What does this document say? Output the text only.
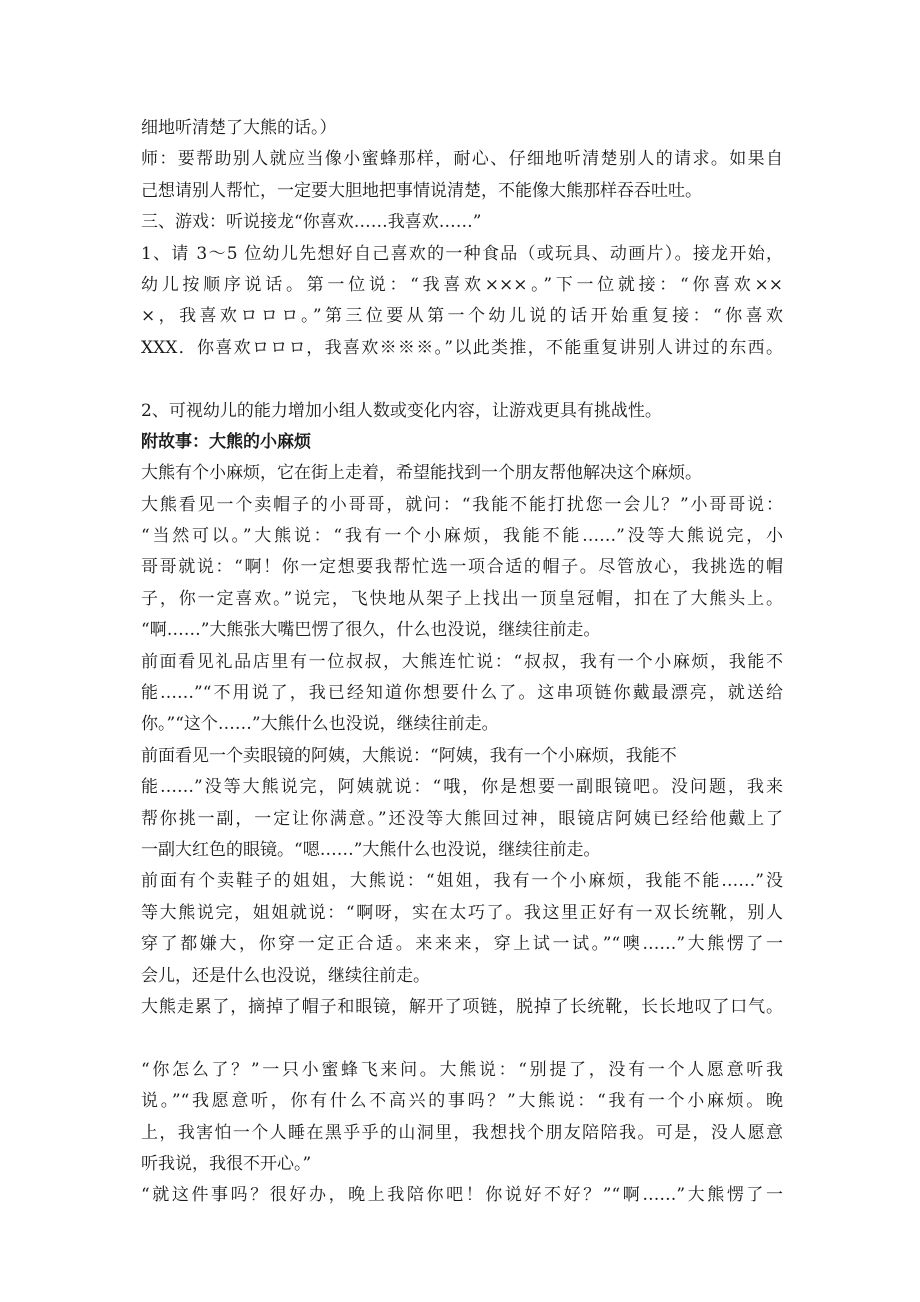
细地听清楚了大熊的话。）
师：要帮助别人就应当像小蜜蜂那样，耐心、仔细地听清楚别人的请求。如果自
己想请别人帮忙，一定要大胆地把事情说清楚，不能像大熊那样吞吞吐吐。
三、游戏：听说接龙“你喜欢……我喜欢……”
1、请 3～5 位幼儿先想好自己喜欢的一种食品（或玩具、动画片）。接龙开始，
幼儿按顺序说话。第一位说：“我喜欢×××。”下一位就接：“你喜欢××
×，我喜欢ロロロ。”第三位要从第一个幼儿说的话开始重复接：“你喜欢
XXX．你喜欢ロロロ，我喜欢※※※。”以此类推，不能重复讲别人讲过的东西。
2、可视幼儿的能力增加小组人数或变化内容，让游戏更具有挑战性。
附故事：大熊的小麻烦
大熊有个小麻烦，它在街上走着，希望能找到一个朋友帮他解决这个麻烦。
大熊看见一个卖帽子的小哥哥，就问：“我能不能打扰您一会儿？”小哥哥说：
“当然可以。”大熊说：“我有一个小麻烦，我能不能……”没等大熊说完，小
哥哥就说：“啊！你一定想要我帮忙选一项合适的帽子。尽管放心，我挑选的帽
子，你一定喜欢。”说完，飞快地从架子上找出一顶皇冠帽，扣在了大熊头上。
“啊……”大熊张大嘴巴愣了很久，什么也没说，继续往前走。
前面看见礼品店里有一位叔叔，大熊连忙说：“叔叔，我有一个小麻烦，我能不
能……”“不用说了，我已经知道你想要什么了。这串项链你戴最漂亮，就送给
你。”“这个……”大熊什么也没说，继续往前走。
前面看见一个卖眼镜的阿姨，大熊说：“阿姨，我有一个小麻烦，我能不
能……”没等大熊说完，阿姨就说：“哦，你是想要一副眼镜吧。没问题，我来
帮你挑一副，一定让你满意。”还没等大熊回过神，眼镜店阿姨已经给他戴上了
一副大红色的眼镜。“嗯……”大熊什么也没说，继续往前走。
前面有个卖鞋子的姐姐，大熊说：“姐姐，我有一个小麻烦，我能不能……”没
等大熊说完，姐姐就说：“啊呀，实在太巧了。我这里正好有一双长统靴，别人
穿了都嫌大，你穿一定正合适。来来来，穿上试一试。”“噢……”大熊愣了一
会儿，还是什么也没说，继续往前走。
大熊走累了，摘掉了帽子和眼镜，解开了项链，脱掉了长统靴，长长地叹了口气。
“你怎么了？”一只小蜜蜂飞来问。大熊说：“别提了，没有一个人愿意听我
说。”“我愿意听，你有什么不高兴的事吗？”大熊说：“我有一个小麻烦。晚
上，我害怕一个人睡在黑乎乎的山洞里，我想找个朋友陪陪我。可是，没人愿意
听我说，我很不开心。”
“就这件事吗？很好办，晚上我陪你吧！你说好不好？”“啊……”大熊愣了一
